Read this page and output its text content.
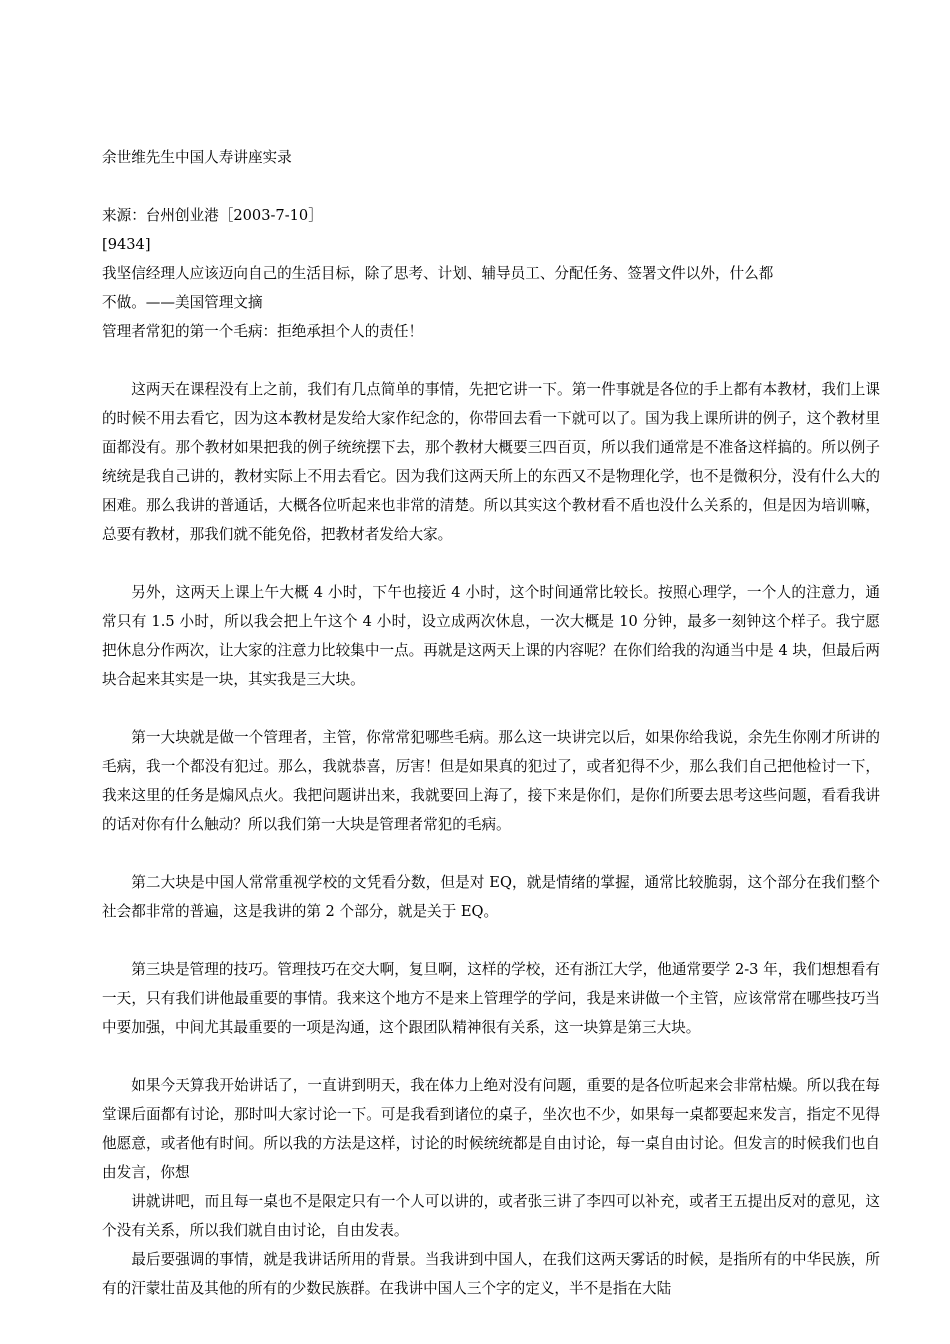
余世维先生中国人寿讲座实录
来源：台州创业港［2003-7-10］
[9434]
我坚信经理人应该迈向自己的生活目标，除了思考、计划、辅导员工、分配任务、签署文件以外，什么都
不做。——美国管理文摘
管理者常犯的第一个毛病：拒绝承担个人的责任！

这两天在课程没有上之前，我们有几点简单的事情，先把它讲一下。第一件事就是各位的手上都有本教材，我们上课的时候不用去看它，因为这本教材是发给大家作纪念的，你带回去看一下就可以了。国为我上课所讲的例子，这个教材里面都没有。那个教材如果把我的例子统统摆下去，那个教材大概要三四百页，所以我们通常是不准备这样搞的。所以例子统统是我自己讲的，教材实际上不用去看它。因为我们这两天所上的东西又不是物理化学，也不是微积分，没有什么大的困难。那么我讲的普通话，大概各位听起来也非常的清楚。所以其实这个教材看不盾也没什么关系的，但是因为培训嘛，总要有教材，那我们就不能免俗，把教材者发给大家。

另外，这两天上课上午大概 4 小时，下午也接近 4 小时，这个时间通常比较长。按照心理学，一个人的注意力，通常只有 1.5 小时，所以我会把上午这个 4 小时，设立成两次休息，一次大概是 10 分钟，最多一刻钟这个样子。我宁愿把休息分作两次，让大家的注意力比较集中一点。再就是这两天上课的内容呢？在你们给我的沟通当中是 4 块，但最后两块合起来其实是一块，其实我是三大块。

第一大块就是做一个管理者，主管，你常常犯哪些毛病。那么这一块讲完以后，如果你给我说，余先生你刚才所讲的毛病，我一个都没有犯过。那么，我就恭喜，厉害！但是如果真的犯过了，或者犯得不少，那么我们自己把他检讨一下，我来这里的任务是煽风点火。我把问题讲出来，我就要回上海了，接下来是你们，是你们所要去思考这些问题，看看我讲的话对你有什么触动？所以我们第一大块是管理者常犯的毛病。

第二大块是中国人常常重视学校的文凭看分数，但是对 EQ，就是情绪的掌握，通常比较脆弱，这个部分在我们整个社会都非常的普遍，这是我讲的第 2 个部分，就是关于 EQ。

第三块是管理的技巧。管理技巧在交大啊，复旦啊，这样的学校，还有浙江大学，他通常要学 2-3 年，我们想想看有一天，只有我们讲他最重要的事情。我来这个地方不是来上管理学的学问，我是来讲做一个主管，应该常常在哪些技巧当中要加强，中间尤其最重要的一项是沟通，这个跟团队精神很有关系，这一块算是第三大块。

如果今天算我开始讲话了，一直讲到明天，我在体力上绝对没有问题，重要的是各位听起来会非常枯燥。所以我在每堂课后面都有讨论，那时叫大家讨论一下。可是我看到诸位的桌子，坐次也不少，如果每一桌都要起来发言，指定不见得他愿意，或者他有时间。所以我的方法是这样，讨论的时候统统都是自由讨论，每一桌自由讨论。但发言的时候我们也自由发言，你想

讲就讲吧，而且每一桌也不是限定只有一个人可以讲的，或者张三讲了李四可以补充，或者王五提出反对的意见，这个没有关系，所以我们就自由讨论，自由发表。

最后要强调的事情，就是我讲话所用的背景。当我讲到中国人，在我们这两天雾话的时候，是指所有的中华民族，所有的汗蒙壮苗及其他的所有的少数民族群。在我讲中国人三个字的定义，半不是指在大陆
